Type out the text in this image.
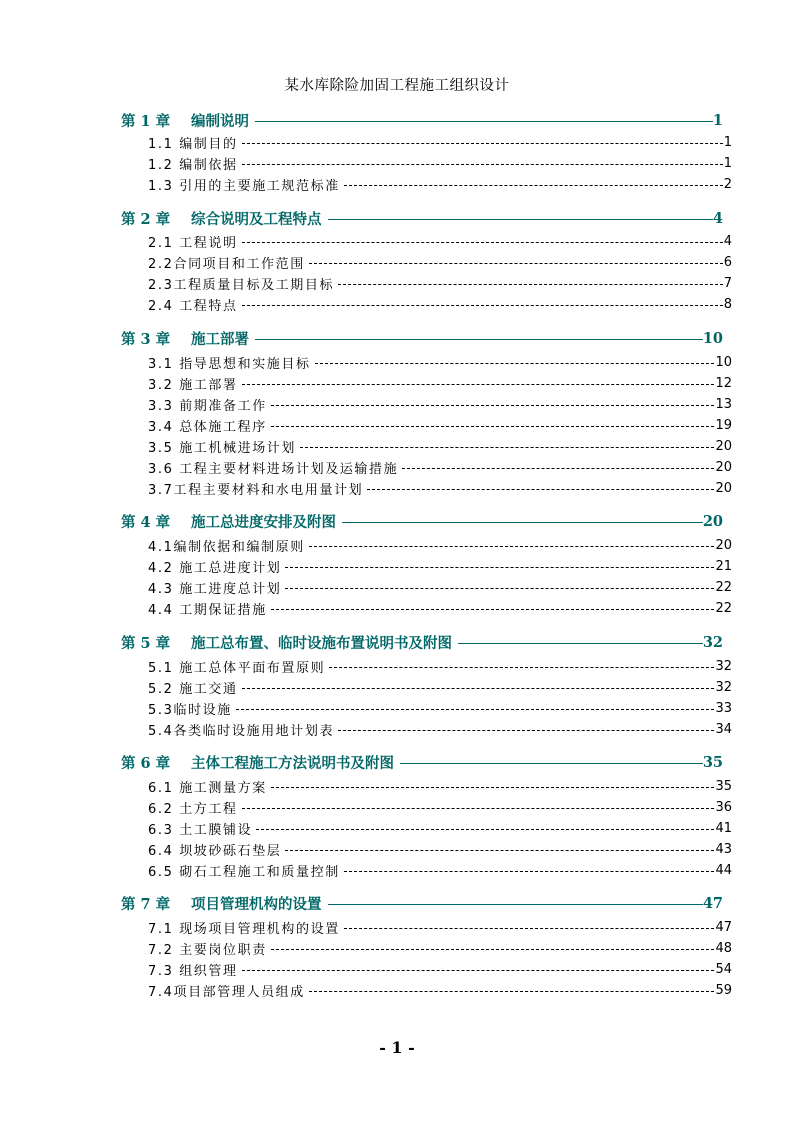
某水库除险加固工程施工组织设计
第 1 章 编制说明	1
1.1 编制目的	1
1.2 编制依据	1
1.3 引用的主要施工规范标准	2
第 2 章 综合说明及工程特点	4
2.1 工程说明	4
2.2合同项目和工作范围	6
2.3工程质量目标及工期目标	7
2.4 工程特点	8
第 3 章 施工部署	10
3.1 指导思想和实施目标	10
3.2 施工部署	12
3.3 前期准备工作	13
3.4 总体施工程序	19
3.5 施工机械进场计划	20
3.6 工程主要材料进场计划及运输措施	20
3.7工程主要材料和水电用量计划	20
第 4 章 施工总进度安排及附图	20
4.1编制依据和编制原则	20
4.2 施工总进度计划	21
4.3 施工进度总计划	22
4.4 工期保证措施	22
第 5 章 施工总布置、临时设施布置说明书及附图	32
5.1 施工总体平面布置原则	32
5.2 施工交通	32
5.3临时设施	33
5.4各类临时设施用地计划表	34
第 6 章 主体工程施工方法说明书及附图	35
6.1 施工测量方案	35
6.2 土方工程	36
6.3 土工膜铺设	41
6.4 坝坡砂砾石垫层	43
6.5 砌石工程施工和质量控制	44
第 7 章 项目管理机构的设置	47
7.1 现场项目管理机构的设置	47
7.2 主要岗位职责	48
7.3 组织管理	54
7.4项目部管理人员组成	59
- 1 -
